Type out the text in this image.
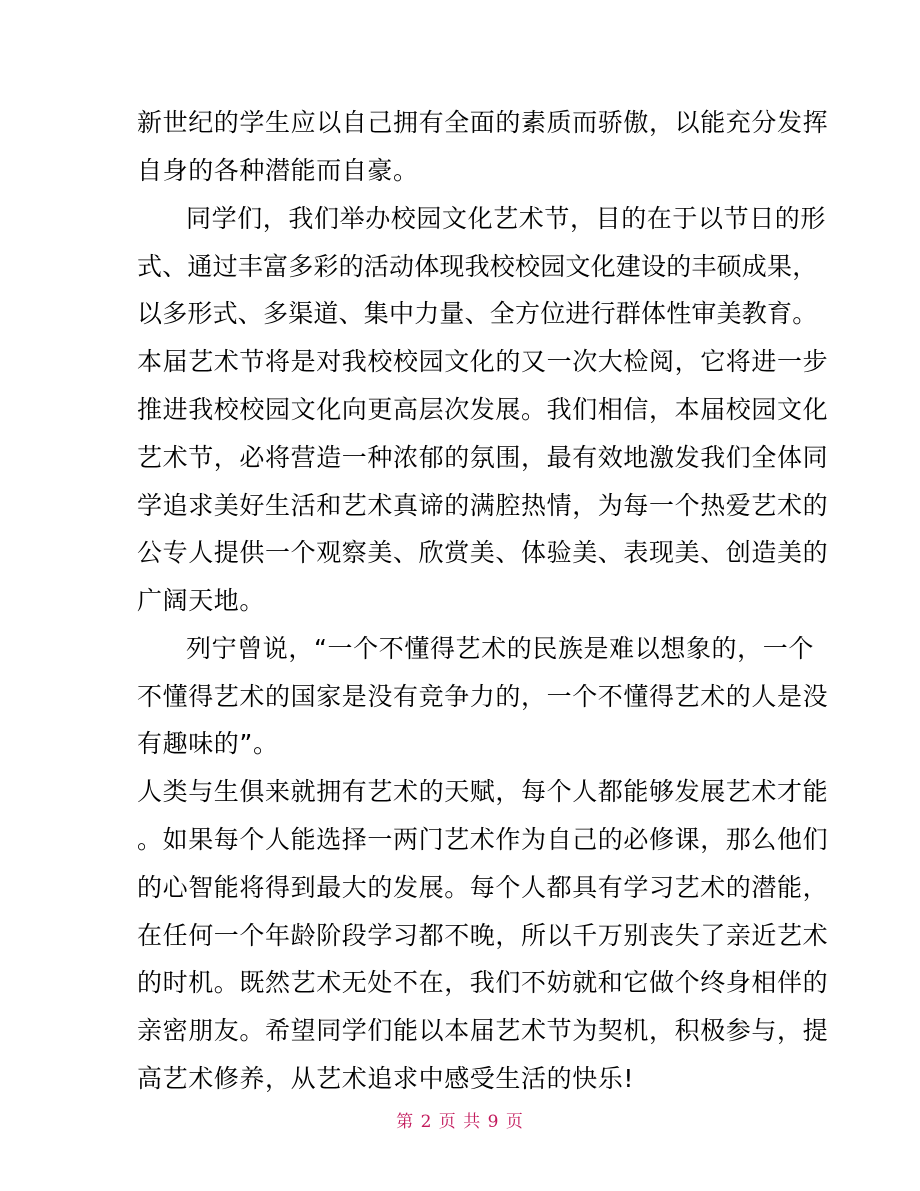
新世纪的学生应以自己拥有全面的素质而骄傲，以能充分发挥
自身的各种潜能而自豪。
同学们，我们举办校园文化艺术节，目的在于以节日的形
式、通过丰富多彩的活动体现我校校园文化建设的丰硕成果，
以多形式、多渠道、集中力量、全方位进行群体性审美教育。
本届艺术节将是对我校校园文化的又一次大检阅，它将进一步
推进我校校园文化向更高层次发展。我们相信，本届校园文化
艺术节，必将营造一种浓郁的氛围，最有效地激发我们全体同
学追求美好生活和艺术真谛的满腔热情，为每一个热爱艺术的
公专人提供一个观察美、欣赏美、体验美、表现美、创造美的
广阔天地。
列宁曾说，“一个不懂得艺术的民族是难以想象的，一个
不懂得艺术的国家是没有竞争力的，一个不懂得艺术的人是没
有趣味的”。
人类与生俱来就拥有艺术的天赋，每个人都能够发展艺术才能
。如果每个人能选择一两门艺术作为自己的必修课，那么他们
的心智能将得到最大的发展。每个人都具有学习艺术的潜能，
在任何一个年龄阶段学习都不晚，所以千万别丧失了亲近艺术
的时机。既然艺术无处不在，我们不妨就和它做个终身相伴的
亲密朋友。希望同学们能以本届艺术节为契机，积极参与，提
高艺术修养，从艺术追求中感受生活的快乐!
第 2 页 共 9 页
